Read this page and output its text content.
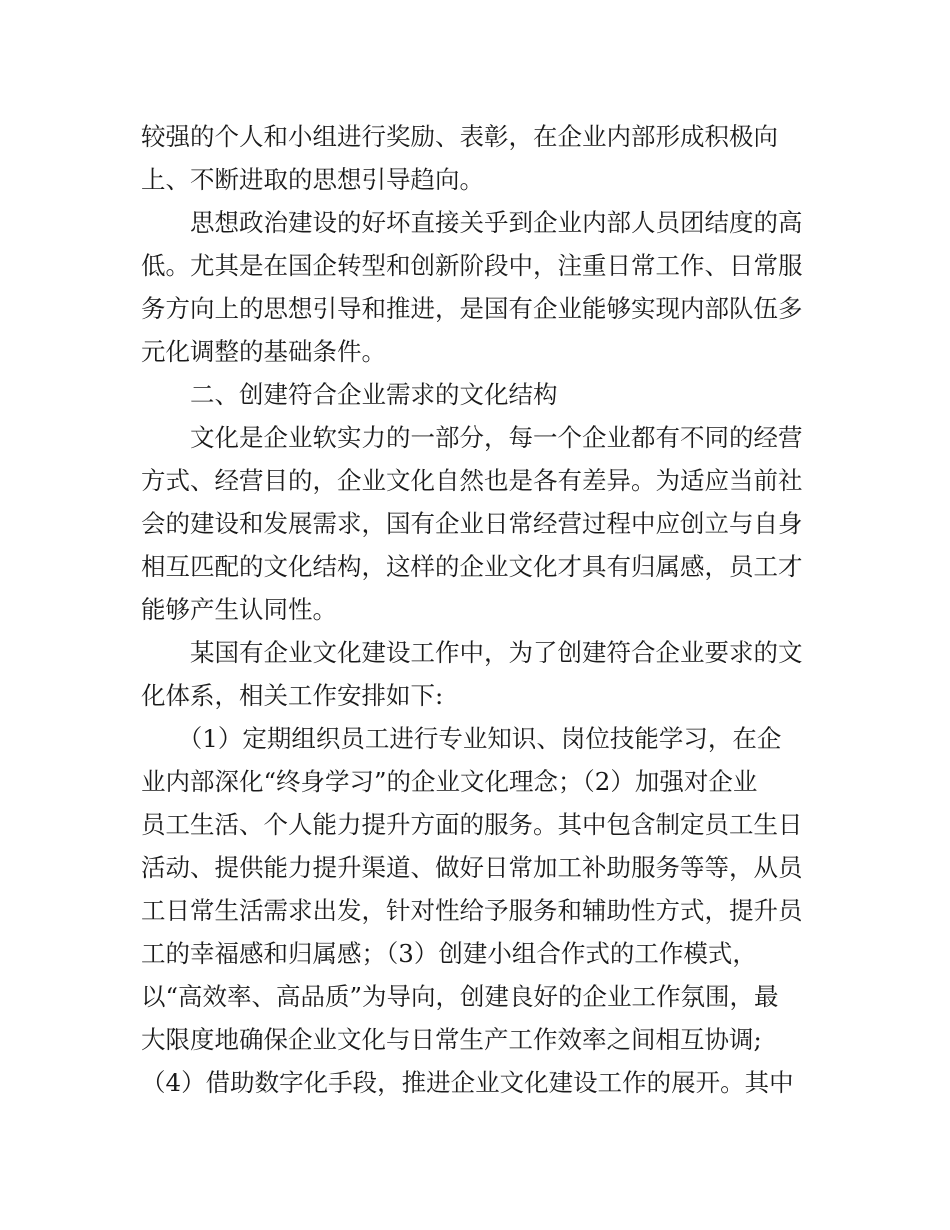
较强的个人和小组进行奖励、表彰，在企业内部形成积极向
上、不断进取的思想引导趋向。
　　思想政治建设的好坏直接关乎到企业内部人员团结度的高
低。尤其是在国企转型和创新阶段中，注重日常工作、日常服
务方向上的思想引导和推进，是国有企业能够实现内部队伍多
元化调整的基础条件。
　　二、创建符合企业需求的文化结构
　　文化是企业软实力的一部分，每一个企业都有不同的经营
方式、经营目的，企业文化自然也是各有差异。为适应当前社
会的建设和发展需求，国有企业日常经营过程中应创立与自身
相互匹配的文化结构，这样的企业文化才具有归属感，员工才
能够产生认同性。
　　某国有企业文化建设工作中，为了创建符合企业要求的文
化体系，相关工作安排如下:
　　（1）定期组织员工进行专业知识、岗位技能学习，在企
业内部深化“终身学习”的企业文化理念；（2）加强对企业
员工生活、个人能力提升方面的服务。其中包含制定员工生日
活动、提供能力提升渠道、做好日常加工补助服务等等，从员
工日常生活需求出发，针对性给予服务和辅助性方式，提升员
工的幸福感和归属感；（3）创建小组合作式的工作模式，
以“高效率、高品质”为导向，创建良好的企业工作氛围，最
大限度地确保企业文化与日常生产工作效率之间相互协调;
（4）借助数字化手段，推进企业文化建设工作的展开。其中
